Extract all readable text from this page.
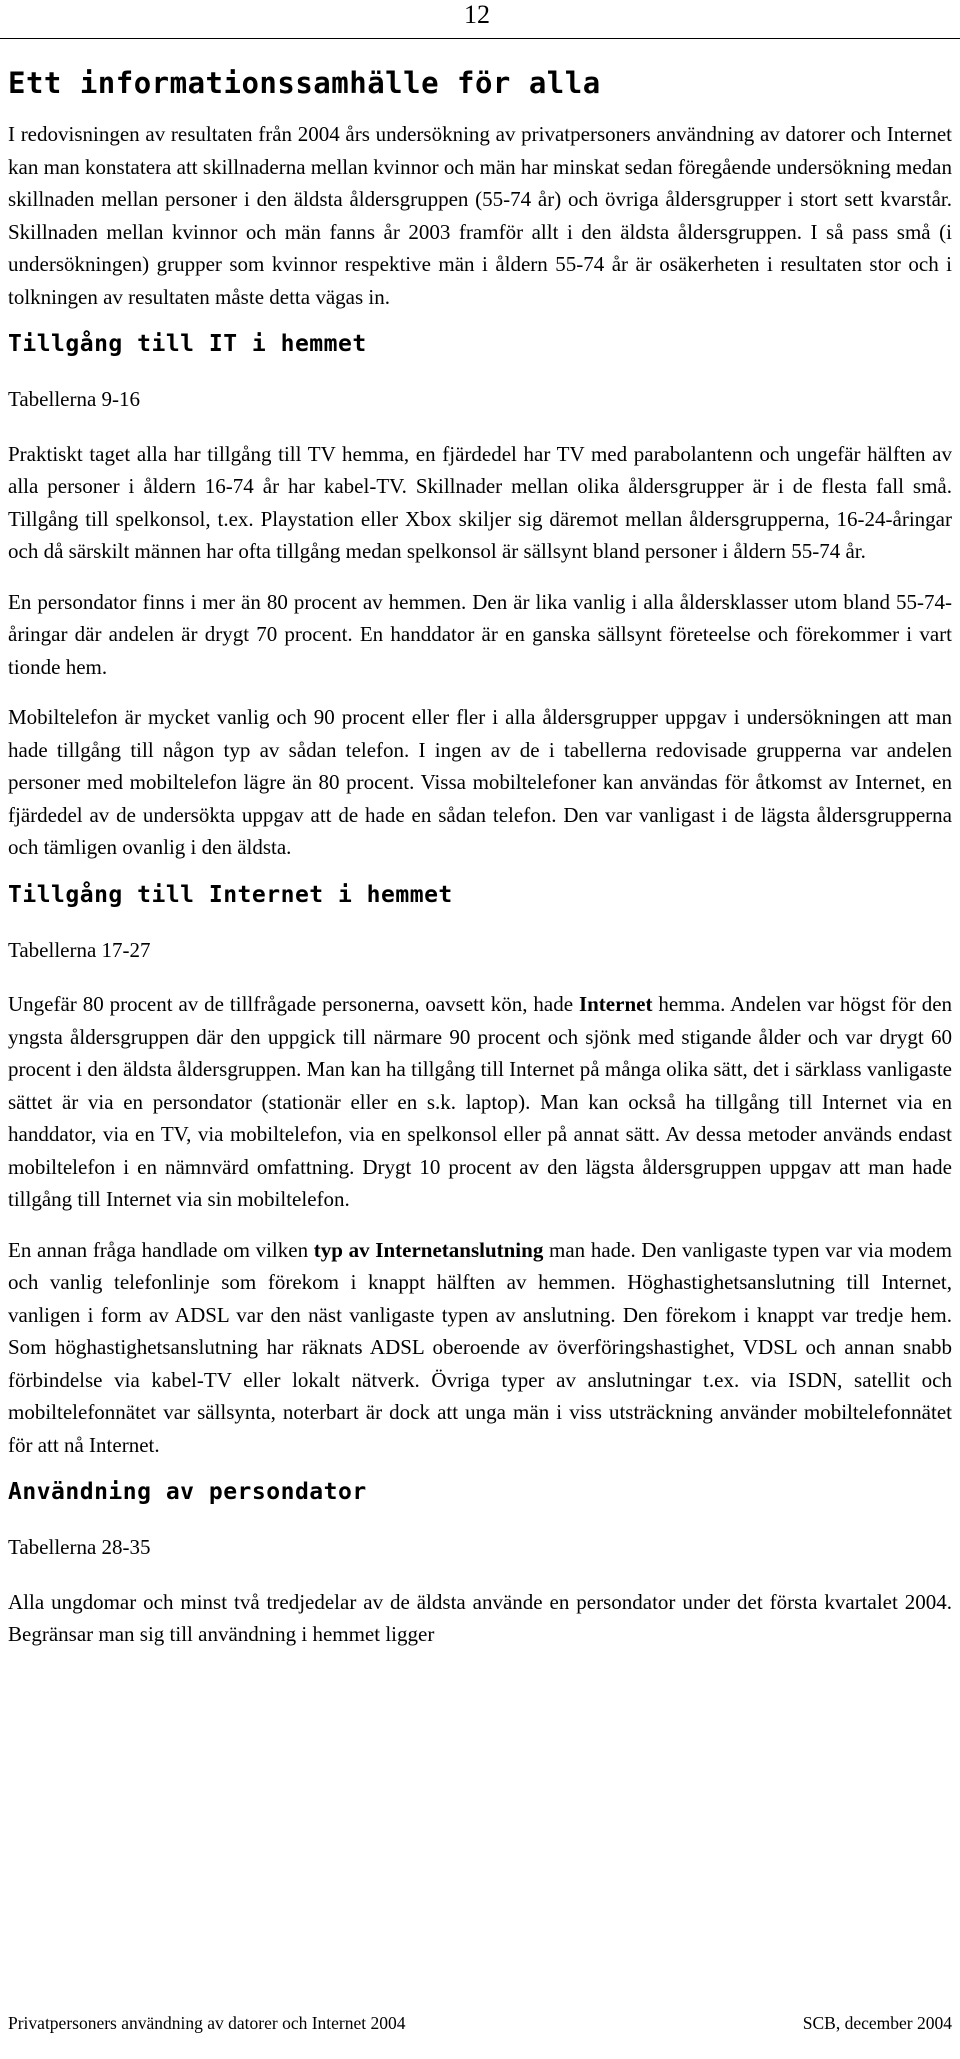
12
Ett informationssamhälle för alla

I redovisningen av resultaten från 2004 års undersökning av privatpersoners användning av datorer och Internet kan man konstatera att skillnaderna mellan kvinnor och män har minskat sedan föregående undersökning medan skillnaden mellan personer i den äldsta åldersgruppen (55-74 år) och övriga åldersgrupper i stort sett kvarstår. Skillnaden mellan kvinnor och män fanns år 2003 framför allt i den äldsta åldersgruppen. I så pass små (i undersökningen) grupper som kvinnor respektive män i åldern 55-74 år är osäkerheten i resultaten stor och i tolkningen av resultaten måste detta vägas in.

Tillgång till IT i hemmet

Tabellerna 9-16

Praktiskt taget alla har tillgång till TV hemma, en fjärdedel har TV med parabolantenn och ungefär hälften av alla personer i åldern 16-74 år har kabel-TV. Skillnader mellan olika åldersgrupper är i de flesta fall små. Tillgång till spelkonsol, t.ex. Playstation eller Xbox skiljer sig däremot mellan åldersgrupperna, 16-24-åringar och då särskilt männen har ofta tillgång medan spelkonsol är sällsynt bland personer i åldern 55-74 år.

En persondator finns i mer än 80 procent av hemmen. Den är lika vanlig i alla åldersklasser utom bland 55-74-åringar där andelen är drygt 70 procent. En handdator är en ganska sällsynt företeelse och förekommer i vart tionde hem.

Mobiltelefon är mycket vanlig och 90 procent eller fler i alla åldersgrupper uppgav i undersökningen att man hade tillgång till någon typ av sådan telefon. I ingen av de i tabellerna redovisade grupperna var andelen personer med mobiltelefon lägre än 80 procent. Vissa mobiltelefoner kan användas för åtkomst av Internet, en fjärdedel av de undersökta uppgav att de hade en sådan telefon. Den var vanligast i de lägsta åldersgrupperna och tämligen ovanlig i den äldsta.

Tillgång till Internet i hemmet

Tabellerna 17-27

Ungefär 80 procent av de tillfrågade personerna, oavsett kön, hade Internet hemma. Andelen var högst för den yngsta åldersgruppen där den uppgick till närmare 90 procent och sjönk med stigande ålder och var drygt 60 procent i den äldsta åldersgruppen. Man kan ha tillgång till Internet på många olika sätt, det i särklass vanligaste sättet är via en persondator (stationär eller en s.k. laptop). Man kan också ha tillgång till Internet via en handdator, via en TV, via mobiltelefon, via en spelkonsol eller på annat sätt. Av dessa metoder används endast mobiltelefon i en nämnvärd omfattning. Drygt 10 procent av den lägsta åldersgruppen uppgav att man hade tillgång till Internet via sin mobiltelefon.

En annan fråga handlade om vilken typ av Internetanslutning man hade. Den vanligaste typen var via modem och vanlig telefonlinje som förekom i knappt hälften av hemmen. Höghastighetsanslutning till Internet, vanligen i form av ADSL var den näst vanligaste typen av anslutning. Den förekom i knappt var tredje hem. Som höghastighetsanslutning har räknats ADSL oberoende av överföringshastighet, VDSL och annan snabb förbindelse via kabel-TV eller lokalt nätverk. Övriga typer av anslutningar t.ex. via ISDN, satellit och mobiltelefonnätet var sällsynta, noterbart är dock att unga män i viss utsträckning använder mobiltelefonnätet för att nå Internet.

Användning av persondator

Tabellerna 28-35

Alla ungdomar och minst två tredjedelar av de äldsta använde en persondator under det första kvartalet 2004. Begränsar man sig till användning i hemmet ligger

Privatpersoners användning av datorer och Internet 2004	SCB, december 2004
